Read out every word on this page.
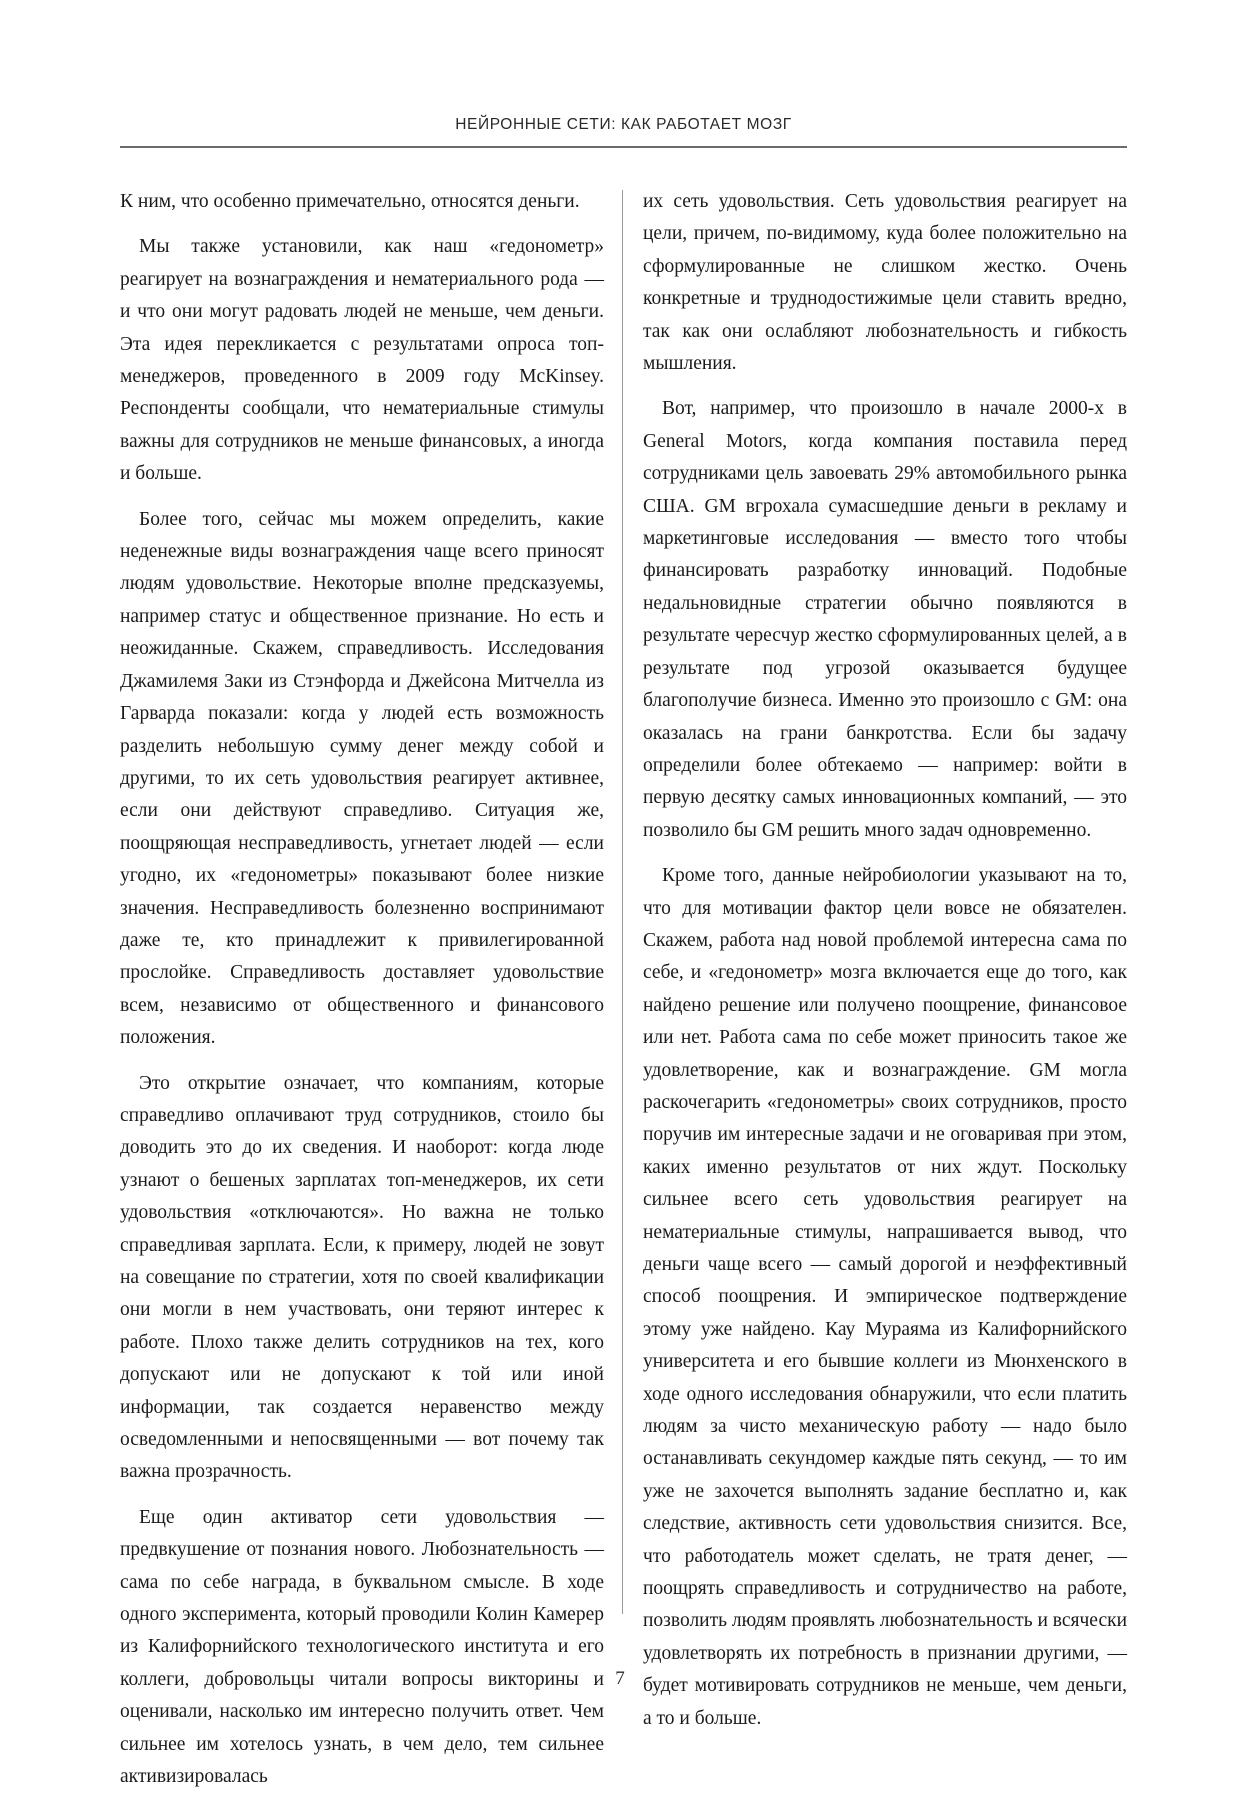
НЕЙРОННЫЕ СЕТИ: КАК РАБОТАЕТ МОЗГ

К ним, что особенно примечательно, относятся деньги.

Мы также установили, как наш «гедонометр» реагирует на вознаграждения и нематериального рода — и что они могут радовать людей не меньше, чем деньги. Эта идея перекликается с результатами опроса топ-менеджеров, проведенного в 2009 году McKinsey. Респонденты сообщали, что нематериальные стимулы важны для сотрудников не меньше финансовых, а иногда и больше.

Более того, сейчас мы можем определить, какие неденежные виды вознаграждения чаще всего приносят людям удовольствие. Некоторые вполне предсказуемы, например статус и общественное признание. Но есть и неожиданные. Скажем, справедливость. Исследования Джамилемя Заки из Стэнфорда и Джейсона Митчелла из Гарварда показали: когда у людей есть возможность разделить небольшую сумму денег между собой и другими, то их сеть удовольствия реагирует активнее, если они действуют справедливо. Ситуация же, поощряющая несправедливость, угнетает людей — если угодно, их «гедонометры» показывают более низкие значения. Несправедливость болезненно воспринимают даже те, кто принадлежит к привилегированной прослойке. Справедливость доставляет удовольствие всем, независимо от общественного и финансового положения.

Это открытие означает, что компаниям, которые справедливо оплачивают труд сотрудников, стоило бы доводить это до их сведения. И наоборот: когда люде узнают о бешеных зарплатах топ-менеджеров, их сети удовольствия «отключаются». Но важна не только справедливая зарплата. Если, к примеру, людей не зовут на совещание по стратегии, хотя по своей квалификации они могли в нем участвовать, они теряют интерес к работе. Плохо также делить сотрудников на тех, кого допускают или не допускают к той или иной информации, так создается неравенство между осведомленными и непосвященными — вот почему так важна прозрачность.

Еще один активатор сети удовольствия — предвкушение от познания нового. Любознательность — сама по себе награда, в буквальном смысле. В ходе одного эксперимента, который проводили Колин Камерер из Калифорнийского технологического института и его коллеги, добровольцы читали вопросы викторины и оценивали, насколько им интересно получить ответ. Чем сильнее им хотелось узнать, в чем дело, тем сильнее активизировалась

их сеть удовольствия. Сеть удовольствия реагирует на цели, причем, по-видимому, куда более положительно на сформулированные не слишком жестко. Очень конкретные и труднодостижимые цели ставить вредно, так как они ослабляют любознательность и гибкость мышления.

Вот, например, что произошло в начале 2000-х в General Motors, когда компания поставила перед сотрудниками цель завоевать 29% автомобильного рынка США. GM вгрохала сумасшедшие деньги в рекламу и маркетинговые исследования — вместо того чтобы финансировать разработку инноваций. Подобные недальновидные стратегии обычно появляются в результате чересчур жестко сформулированных целей, а в результате под угрозой оказывается будущее благополучие бизнеса. Именно это произошло с GM: она оказалась на грани банкротства. Если бы задачу определили более обтекаемо — например: войти в первую десятку самых инновационных компаний, — это позволило бы GM решить много задач одновременно.

Кроме того, данные нейробиологии указывают на то, что для мотивации фактор цели вовсе не обязателен. Скажем, работа над новой проблемой интересна сама по себе, и «гедонометр» мозга включается еще до того, как найдено решение или получено поощрение, финансовое или нет. Работа сама по себе может приносить такое же удовлетворение, как и вознаграждение. GM могла раскочегарить «гедонометры» своих сотрудников, просто поручив им интересные задачи и не оговаривая при этом, каких именно результатов от них ждут. Поскольку сильнее всего сеть удовольствия реагирует на нематериальные стимулы, напрашивается вывод, что деньги чаще всего — самый дорогой и неэффективный способ поощрения. И эмпирическое подтверждение этому уже найдено. Кау Мураяма из Калифорнийского университета и его бывшие коллеги из Мюнхенского в ходе одного исследования обнаружили, что если платить людям за чисто механическую работу — надо было останавливать секундомер каждые пять секунд, — то им уже не захочется выполнять задание бесплатно и, как следствие, активность сети удовольствия снизится. Все, что работодатель может сделать, не тратя денег, — поощрять справедливость и сотрудничество на работе, позволить людям проявлять любознательность и всячески удовлетворять их потребность в признании другими, — будет мотивировать сотрудников не меньше, чем деньги, а то и больше.

7
